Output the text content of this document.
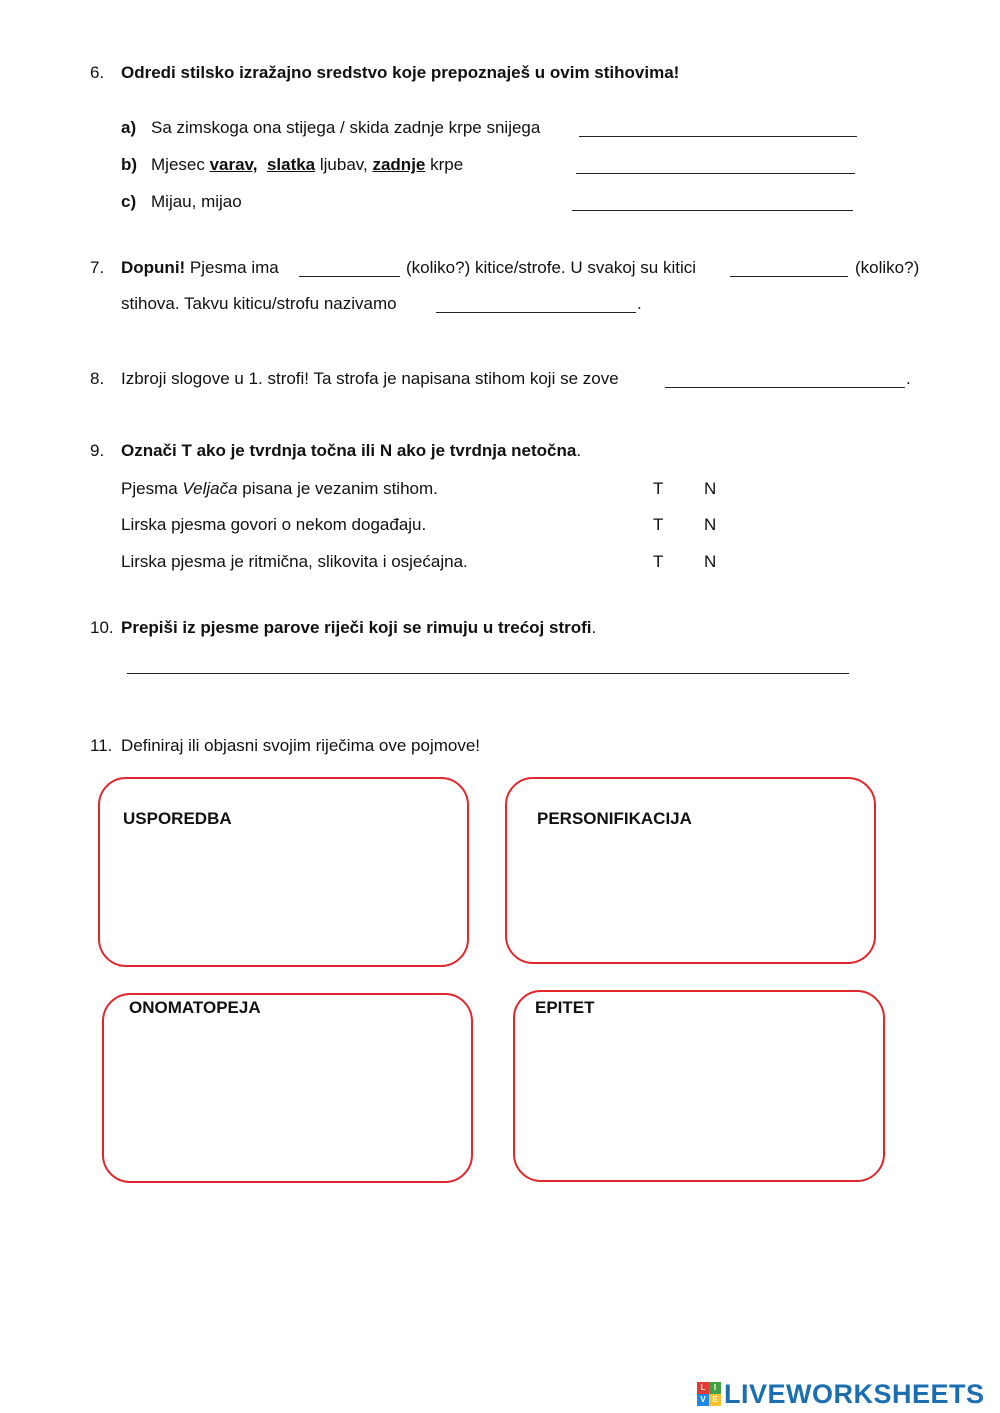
6. Odredi stilsko izražajno sredstvo koje prepoznaješ u ovim stihovima!
a) Sa zimskoga ona stijega / skida zadnje krpe snijega
b) Mjesec varav, slatka ljubav, zadnje krpe
c) Mijau, mijao
7. Dopuni! Pjesma ima	(koliko?) kitice/strofe. U svakoj su kitici	(koliko?)
stihova. Takvu kiticu/strofu nazivamo	.
8. Izbroji slogove u 1. strofi! Ta strofa je napisana stihom koji se zove	.
9. Označi T ako je tvrdnja točna ili N ako je tvrdnja netočna.
Pjesma Veljača pisana je vezanim stihom.	T N
Lirska pjesma govori o nekom događaju.	T N
Lirska pjesma je ritmična, slikovita i osjećajna.	T N
10. Prepiši iz pjesme parove riječi koji se rimuju u trećoj strofi.
11. Definiraj ili objasni svojim riječima ove pojmove!
USPOREDBA	PERSONIFIKACIJA
ONOMATOPEJA	EPITET
L	I
V E LIVEWORKSHEETS
